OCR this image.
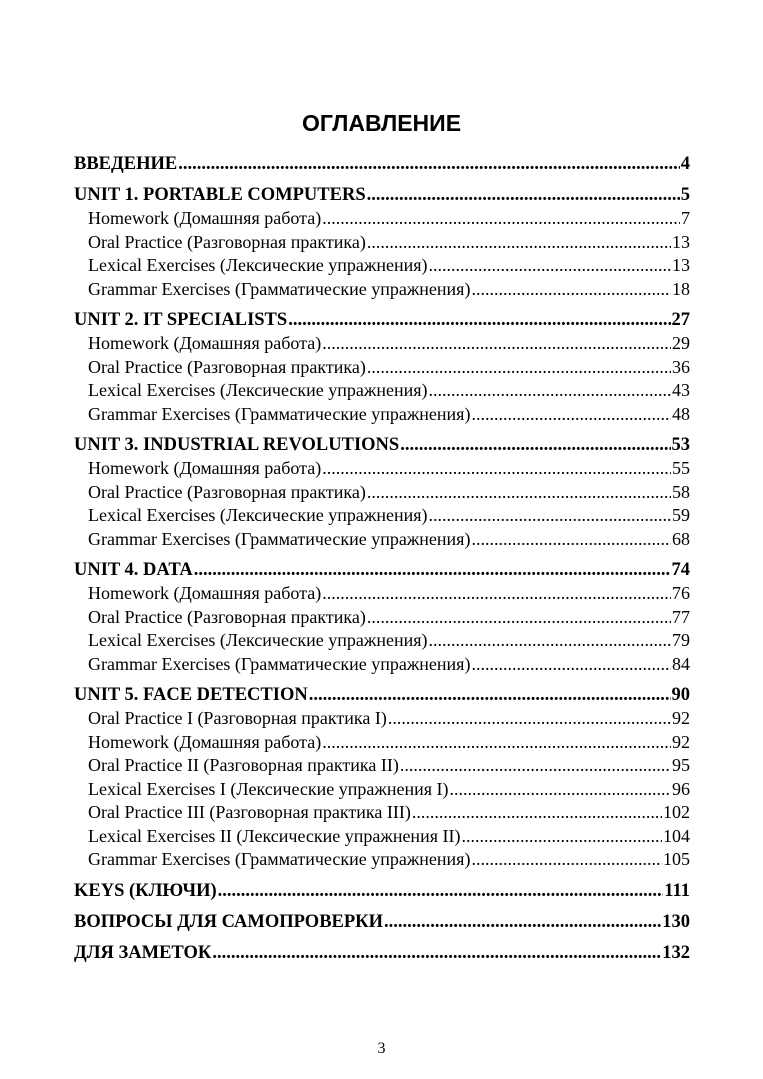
ОГЛАВЛЕНИЕ
ВВЕДЕНИЕ .....	4
UNIT 1. PORTABLE COMPUTERS .....	5
Homework (Домашняя работа) .....	7
Oral Practice (Разговорная практика) .....	13
Lexical Exercises (Лексические упражнения) .....	13
Grammar Exercises (Грамматические упражнения) .....	18
UNIT 2. IT SPECIALISTS .....	27
Homework (Домашняя работа) .....	29
Oral Practice (Разговорная практика) .....	36
Lexical Exercises (Лексические упражнения) .....	43
Grammar Exercises (Грамматические упражнения) .....	48
UNIT 3. INDUSTRIAL REVOLUTIONS .....	53
Homework (Домашняя работа) .....	55
Oral Practice (Разговорная практика) .....	58
Lexical Exercises (Лексические упражнения) .....	59
Grammar Exercises (Грамматические упражнения) .....	68
UNIT 4. DATA .....	74
Homework (Домашняя работа) .....	76
Oral Practice (Разговорная практика) .....	77
Lexical Exercises (Лексические упражнения) .....	79
Grammar Exercises (Грамматические упражнения) .....	84
UNIT 5. FACE DETECTION .....	90
Oral Practice I (Разговорная практика I) .....	92
Homework (Домашняя работа) .....	92
Oral Practice II (Разговорная практика II) .....	95
Lexical Exercises I (Лексические упражнения I) .....	96
Oral Practice III (Разговорная практика III) .....	102
Lexical Exercises II (Лексические упражнения II) .....	104
Grammar Exercises (Грамматические упражнения) .....	105
KEYS (КЛЮЧИ) .....	111
ВОПРОСЫ ДЛЯ САМОПРОВЕРКИ .....	130
ДЛЯ ЗАМЕТОК .....	132
3
